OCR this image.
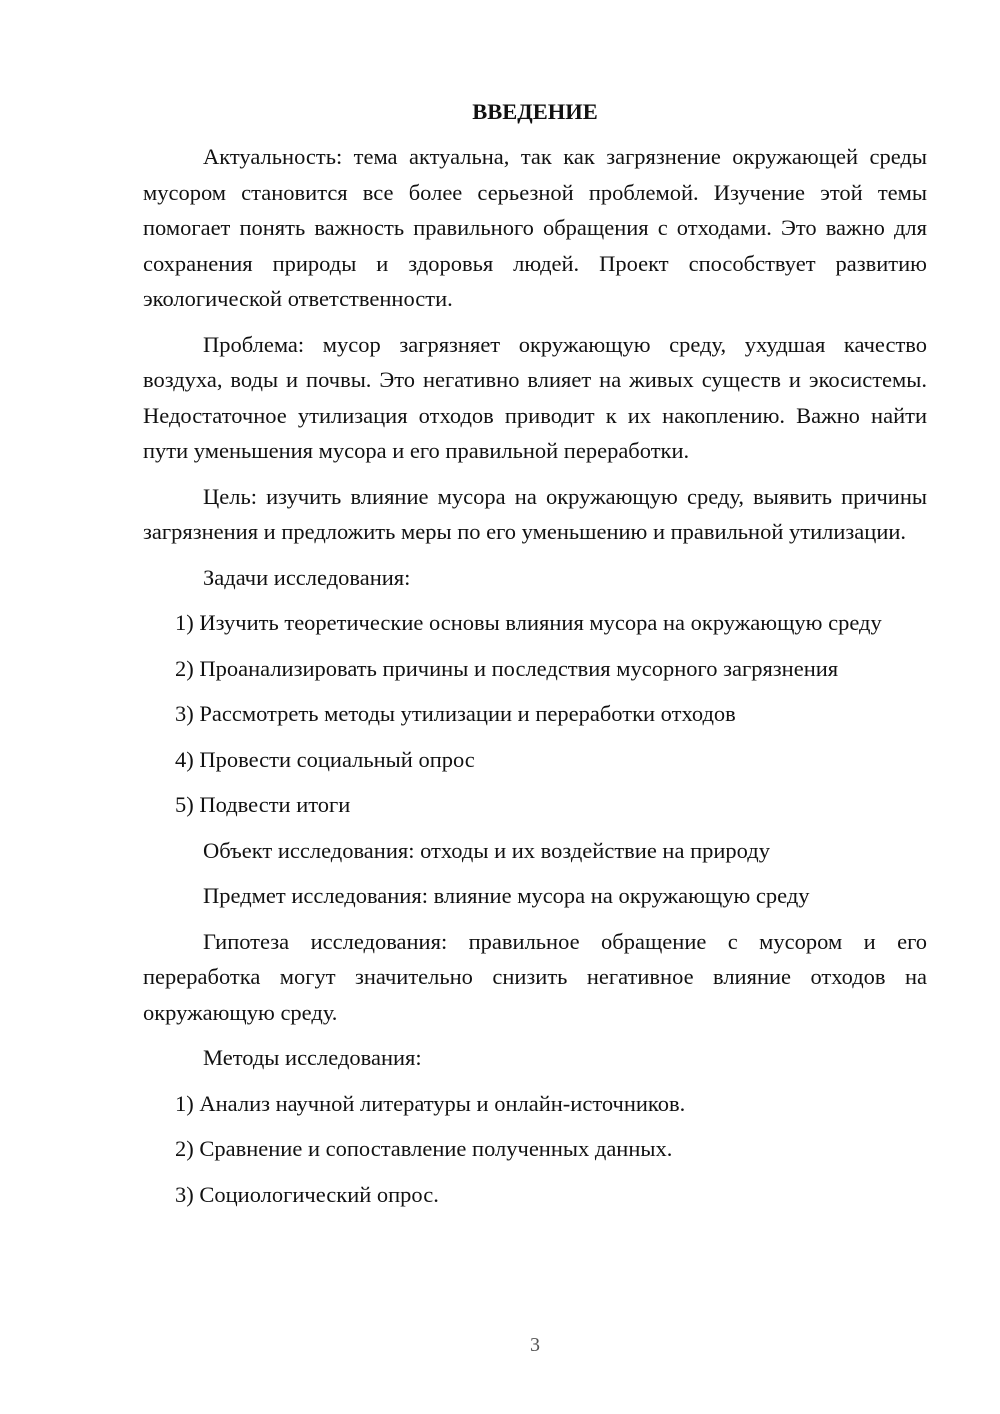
ВВЕДЕНИЕ

Актуальность: тема актуальна, так как загрязнение окружающей среды мусором становится все более серьезной проблемой. Изучение этой темы помогает понять важность правильного обращения с отходами. Это важно для сохранения природы и здоровья людей. Проект способствует развитию экологической ответственности.

Проблема: мусор загрязняет окружающую среду, ухудшая качество воздуха, воды и почвы. Это негативно влияет на живых существ и экосистемы. Недостаточное утилизация отходов приводит к их накоплению. Важно найти пути уменьшения мусора и его правильной переработки.

Цель: изучить влияние мусора на окружающую среду, выявить причины загрязнения и предложить меры по его уменьшению и правильной утилизации.

Задачи исследования:

1) Изучить теоретические основы влияния мусора на окружающую среду

2) Проанализировать причины и последствия мусорного загрязнения

3) Рассмотреть методы утилизации и переработки отходов

4) Провести социальный опрос

5) Подвести итоги

Объект исследования: отходы и их воздействие на природу

Предмет исследования: влияние мусора на окружающую среду

Гипотеза исследования: правильное обращение с мусором и его переработка могут значительно снизить негативное влияние отходов на окружающую среду.

Методы исследования:

1) Анализ научной литературы и онлайн-источников.

2) Сравнение и сопоставление полученных данных.

3) Социологический опрос.

3
